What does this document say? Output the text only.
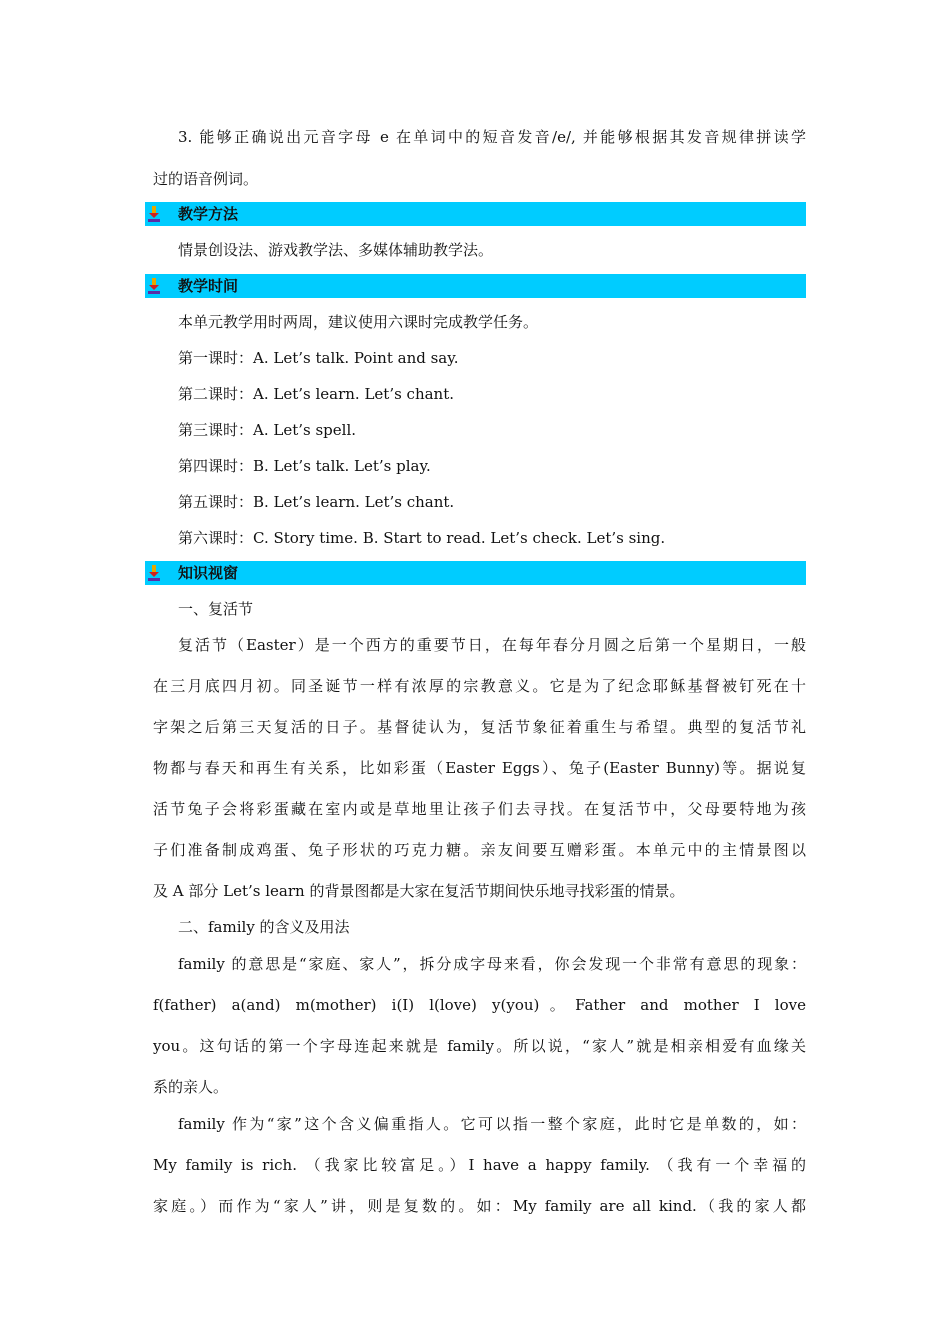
3. 能够正确说出元音字母 e 在单词中的短音发音/e/, 并能够根据其发音规律拼读学
过的语音例词。
教学方法
情景创设法、游戏教学法、多媒体辅助教学法。
教学时间
本单元教学用时两周，建议使用六课时完成教学任务。
第一课时：A. Let’s talk. Point and say.
第二课时：A. Let’s learn. Let’s chant.
第三课时：A. Let’s spell.
第四课时：B. Let’s talk. Let’s play.
第五课时：B. Let’s learn. Let’s chant.
第六课时：C. Story time. B. Start to read. Let’s check. Let’s sing.
知识视窗
一、复活节
复活节（Easter）是一个西方的重要节日，在每年春分月圆之后第一个星期日，一般
在三月底四月初。同圣诞节一样有浓厚的宗教意义。它是为了纪念耶稣基督被钉死在十
字架之后第三天复活的日子。基督徒认为，复活节象征着重生与希望。典型的复活节礼
物都与春天和再生有关系，比如彩蛋（Easter Eggs）、兔子(Easter Bunny)等。据说复
活节兔子会将彩蛋藏在室内或是草地里让孩子们去寻找。在复活节中，父母要特地为孩
子们准备制成鸡蛋、兔子形状的巧克力糖。亲友间要互赠彩蛋。本单元中的主情景图以
及 A 部分 Let’s learn 的背景图都是大家在复活节期间快乐地寻找彩蛋的情景。
二、family 的含义及用法
family 的意思是“家庭、家人”，拆分成字母来看，你会发现一个非常有意思的现象：
f(father) a(and) m(mother) i(I) l(love) y(you)。Father and mother I love
you。这句话的第一个字母连起来就是 family。所以说，“家人”就是相亲相爱有血缘关
系的亲人。
family 作为“家”这个含义偏重指人。它可以指一整个家庭，此时它是单数的，如：
My family is rich. （我家比较富足。）I have a happy family. （我有一个幸福的
家庭。）而作为“家人”讲，则是复数的。如：My family are all kind.（我的家人都
